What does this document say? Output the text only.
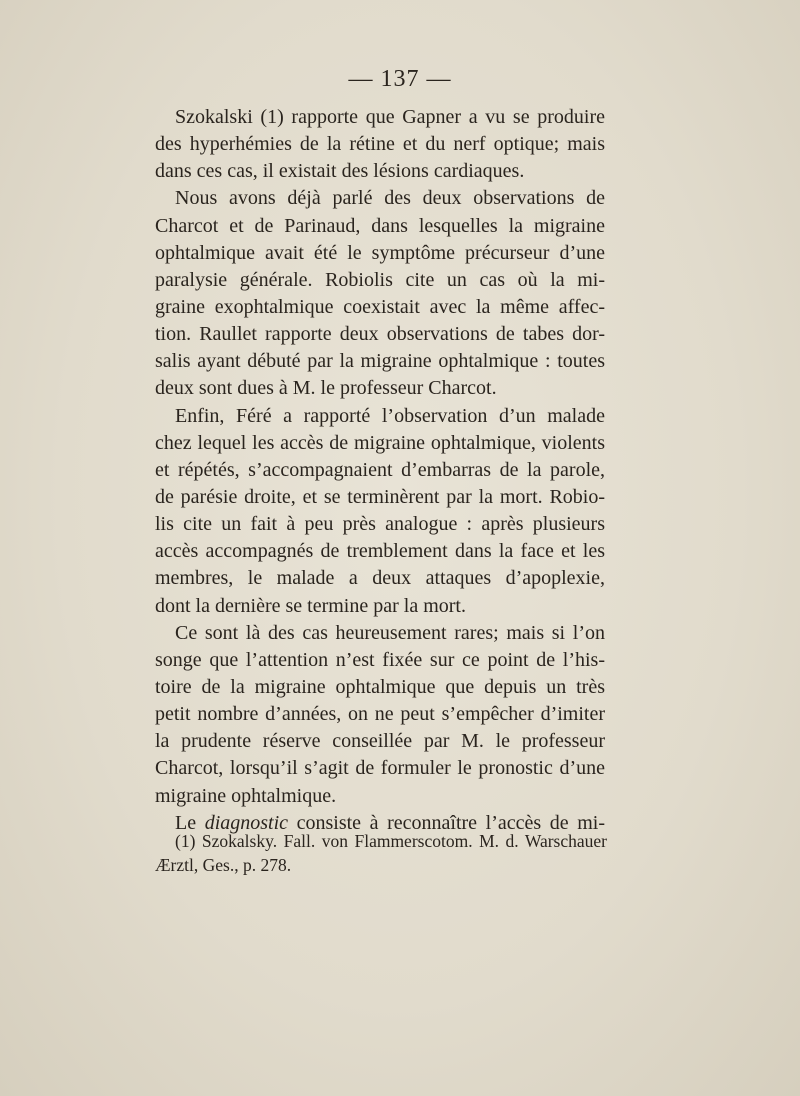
— 137 —
Szokalski (1) rapporte que Gapner a vu se produire
des hyperhémies de la rétine et du nerf optique; mais
dans ces cas, il existait des lésions cardiaques.
Nous avons déjà parlé des deux observations de
Charcot et de Parinaud, dans lesquelles la migraine
ophtalmique avait été le symptôme précurseur d’une
paralysie générale. Robiolis cite un cas où la mi-
graine exophtalmique coexistait avec la même affec-
tion. Raullet rapporte deux observations de tabes dor-
salis ayant débuté par la migraine ophtalmique : toutes
deux sont dues à M. le professeur Charcot.
Enfin, Féré a rapporté l’observation d’un malade
chez lequel les accès de migraine ophtalmique, violents
et répétés, s’accompagnaient d’embarras de la parole,
de parésie droite, et se terminèrent par la mort. Robio-
lis cite un fait à peu près analogue : après plusieurs
accès accompagnés de tremblement dans la face et les
membres, le malade a deux attaques d’apoplexie,
dont la dernière se termine par la mort.
Ce sont là des cas heureusement rares; mais si l’on
songe que l’attention n’est fixée sur ce point de l’his-
toire de la migraine ophtalmique que depuis un très
petit nombre d’années, on ne peut s’empêcher d’imiter
la prudente réserve conseillée par M. le professeur
Charcot, lorsqu’il s’agit de formuler le pronostic d’une
migraine ophtalmique.
Le diagnostic consiste à reconnaître l’accès de mi-
(1) Szokalsky. Fall. von Flammerscotom. M. d. Warschauer
Ærztl, Ges., p. 278.
